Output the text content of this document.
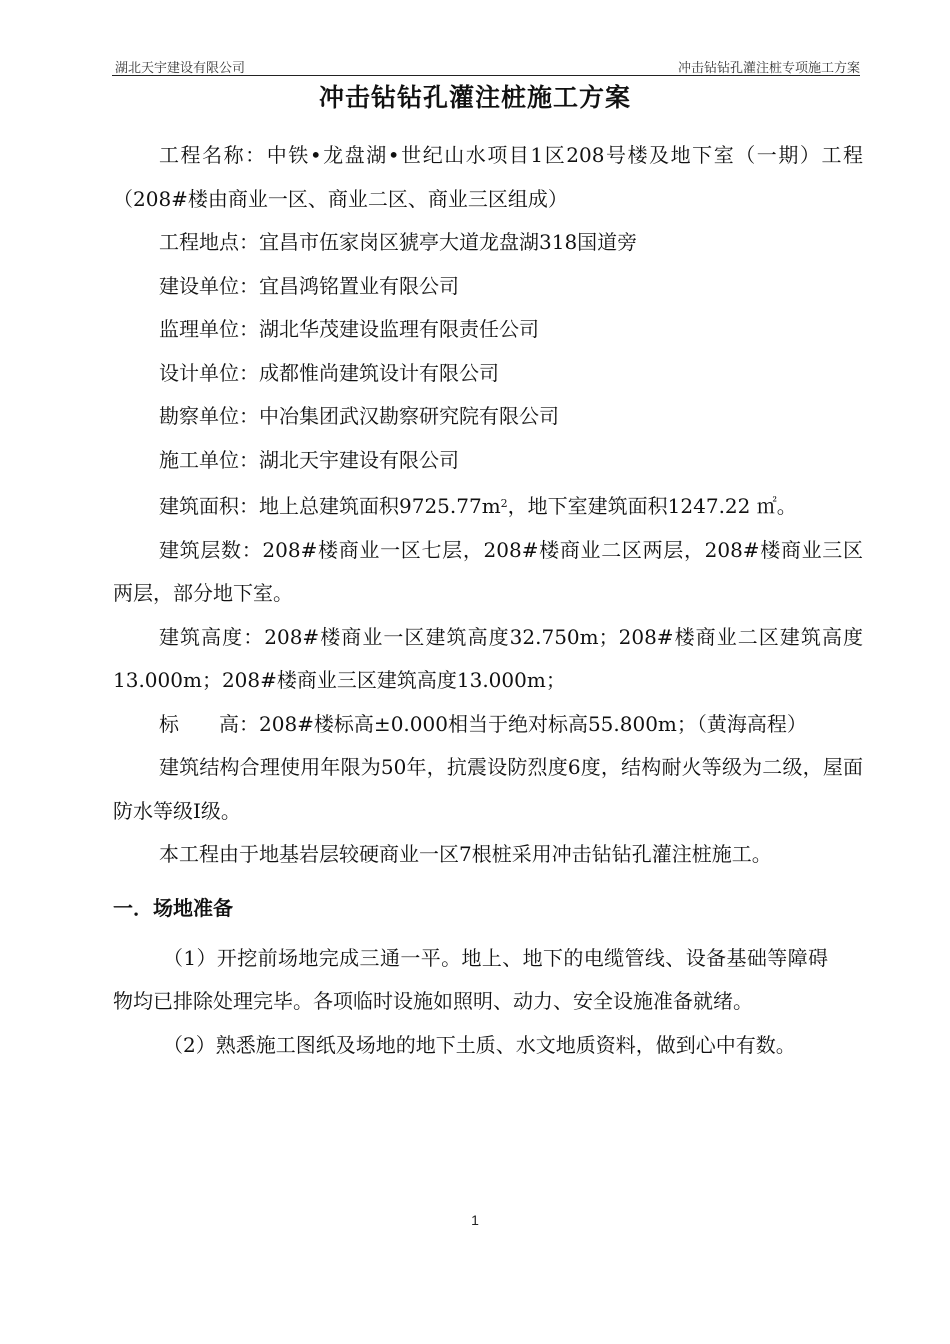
湖北天宇建设有限公司	冲击钻钻孔灌注桩专项施工方案
冲击钻钻孔灌注桩施工方案

工程名称：中铁•龙盘湖•世纪山水项目1区208号楼及地下室（一期）工程（208#楼由商业一区、商业二区、商业三区组成）

工程地点：宜昌市伍家岗区猇亭大道龙盘湖318国道旁

建设单位：宜昌鸿铭置业有限公司

监理单位：湖北华茂建设监理有限责任公司

设计单位：成都惟尚建筑设计有限公司

勘察单位：中冶集团武汉勘察研究院有限公司

施工单位：湖北天宇建设有限公司

建筑面积：地上总建筑面积$9725.77m^2$，地下室建筑面积1247.22 ㎡。

建筑层数：208#楼商业一区七层，208#楼商业二区两层，208#楼商业三区两层，部分地下室。

建筑高度：208#楼商业一区建筑高度32.750m；208#楼商业二区建筑高度13.000m；208#楼商业三区建筑高度13.000m；

标　　高：208#楼标高±0.000相当于绝对标高55.800m；（黄海高程）

建筑结构合理使用年限为50年，抗震设防烈度6度，结构耐火等级为二级，屋面防水等级Ⅰ级。

本工程由于地基岩层较硬商业一区7根桩采用冲击钻钻孔灌注桩施工。

一．场地准备

（1）开挖前场地完成三通一平。地上、地下的电缆管线、设备基础等障碍物均已排除处理完毕。各项临时设施如照明、动力、安全设施准备就绪。

（2）熟悉施工图纸及场地的地下土质、水文地质资料，做到心中有数。

1
